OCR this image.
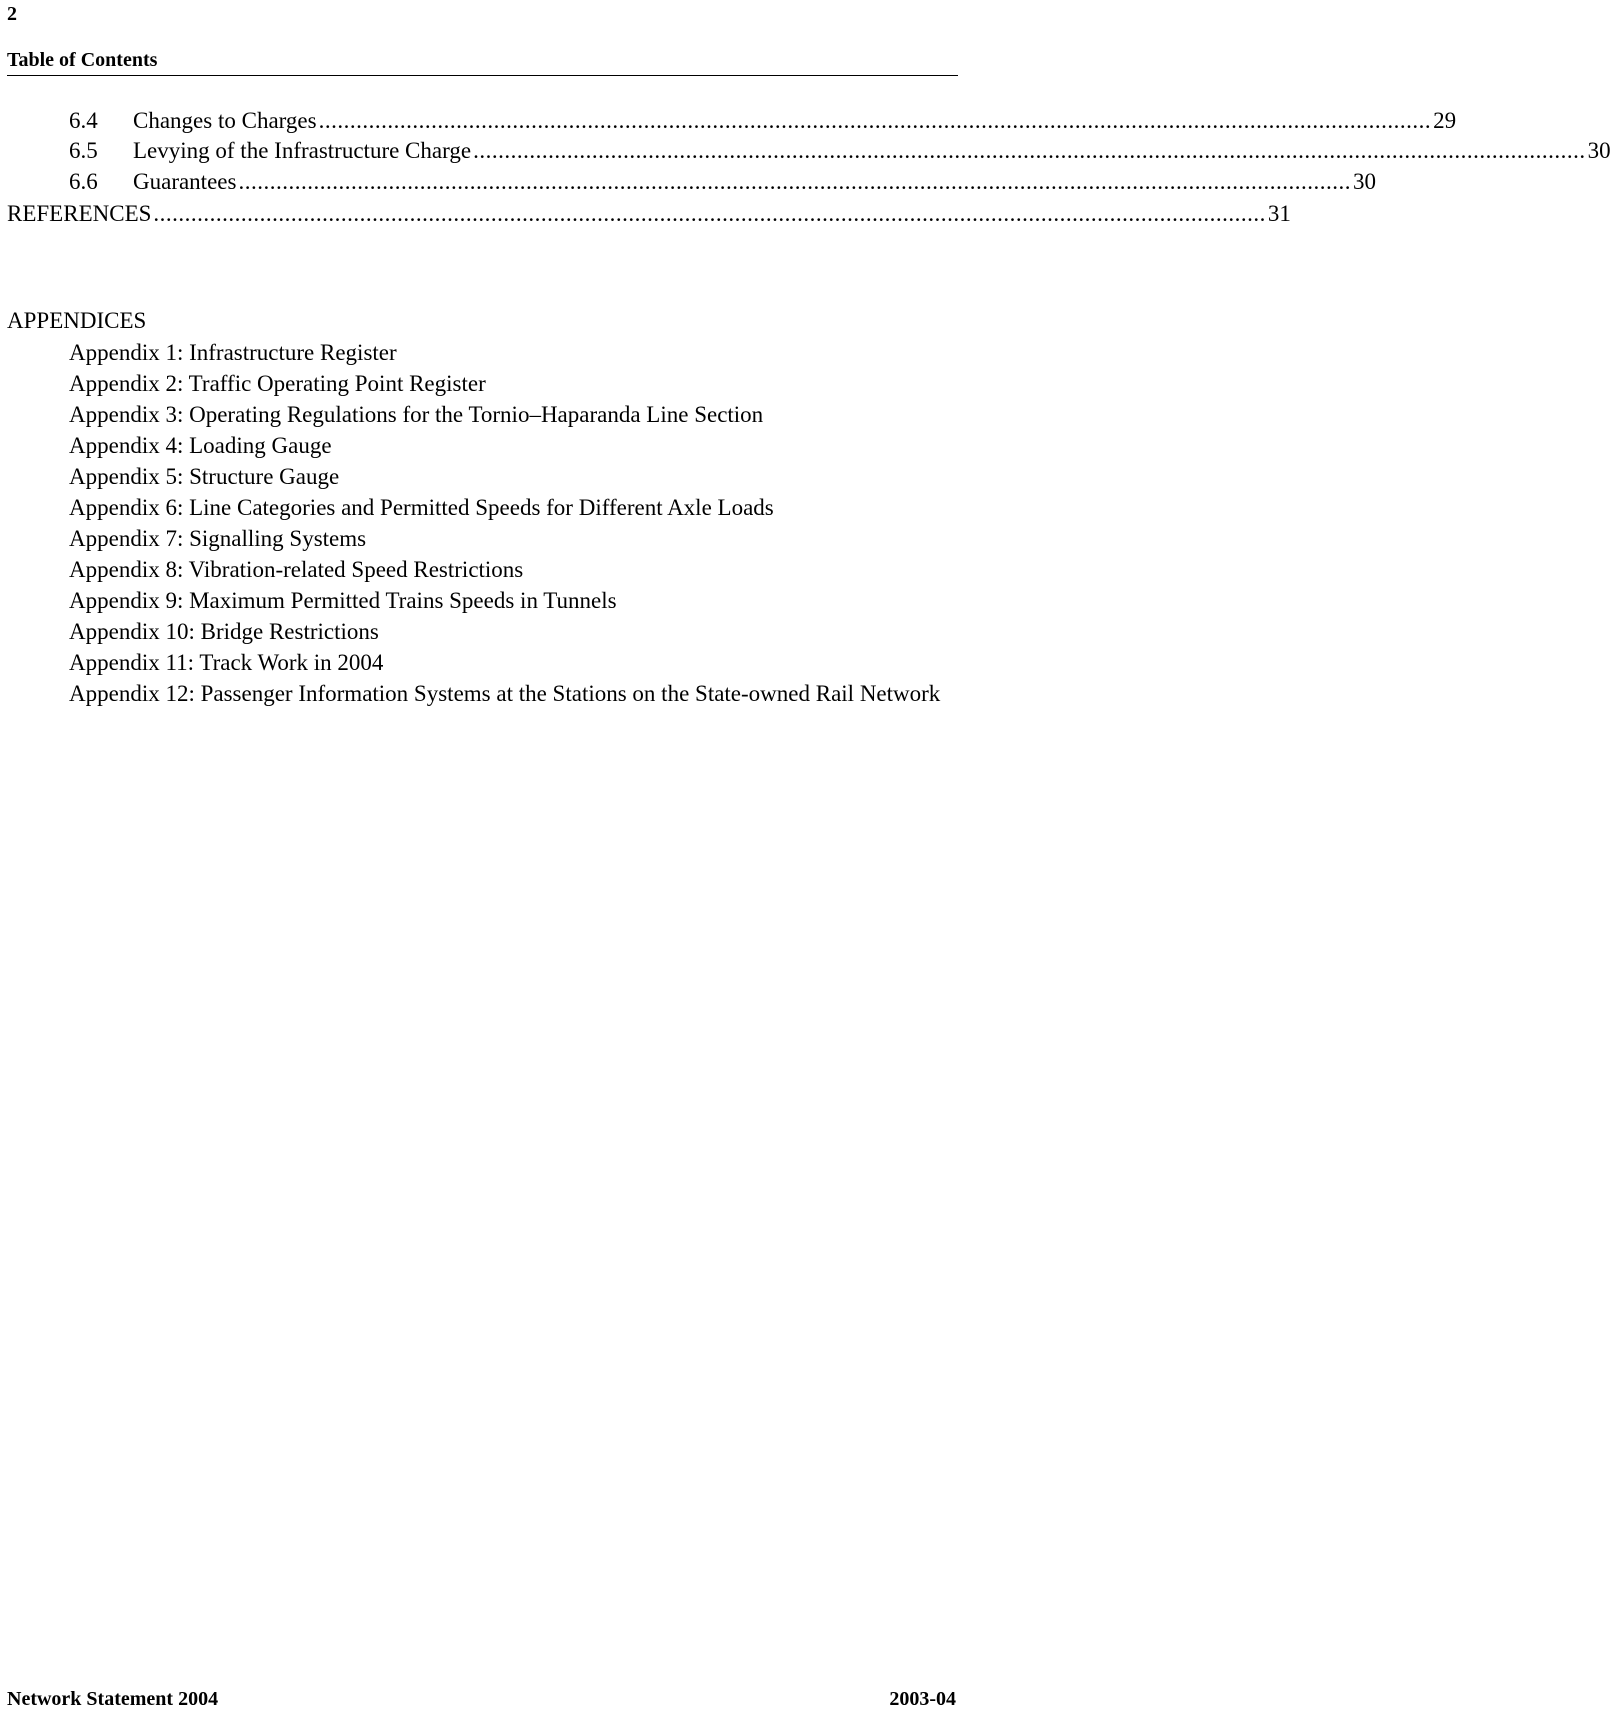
2
Table of Contents
6.4	Changes to Charges .................................................................................................................................................................................. 29
6.5	Levying of the Infrastructure Charge .................................................................................................................................................................................. 30
6.6	Guarantees .................................................................................................................................................................................. 30
REFERENCES .................................................................................................................................................................................. 31
APPENDICES
Appendix 1: Infrastructure Register
Appendix 2: Traffic Operating Point Register
Appendix 3: Operating Regulations for the Tornio–Haparanda Line Section
Appendix 4: Loading Gauge
Appendix 5: Structure Gauge
Appendix 6: Line Categories and Permitted Speeds for Different Axle Loads
Appendix 7: Signalling Systems
Appendix 8: Vibration-related Speed Restrictions
Appendix 9: Maximum Permitted Trains Speeds in Tunnels
Appendix 10: Bridge Restrictions
Appendix 11: Track Work in 2004
Appendix 12: Passenger Information Systems at the Stations on the State-owned Rail Network
Network Statement 2004	2003-04
